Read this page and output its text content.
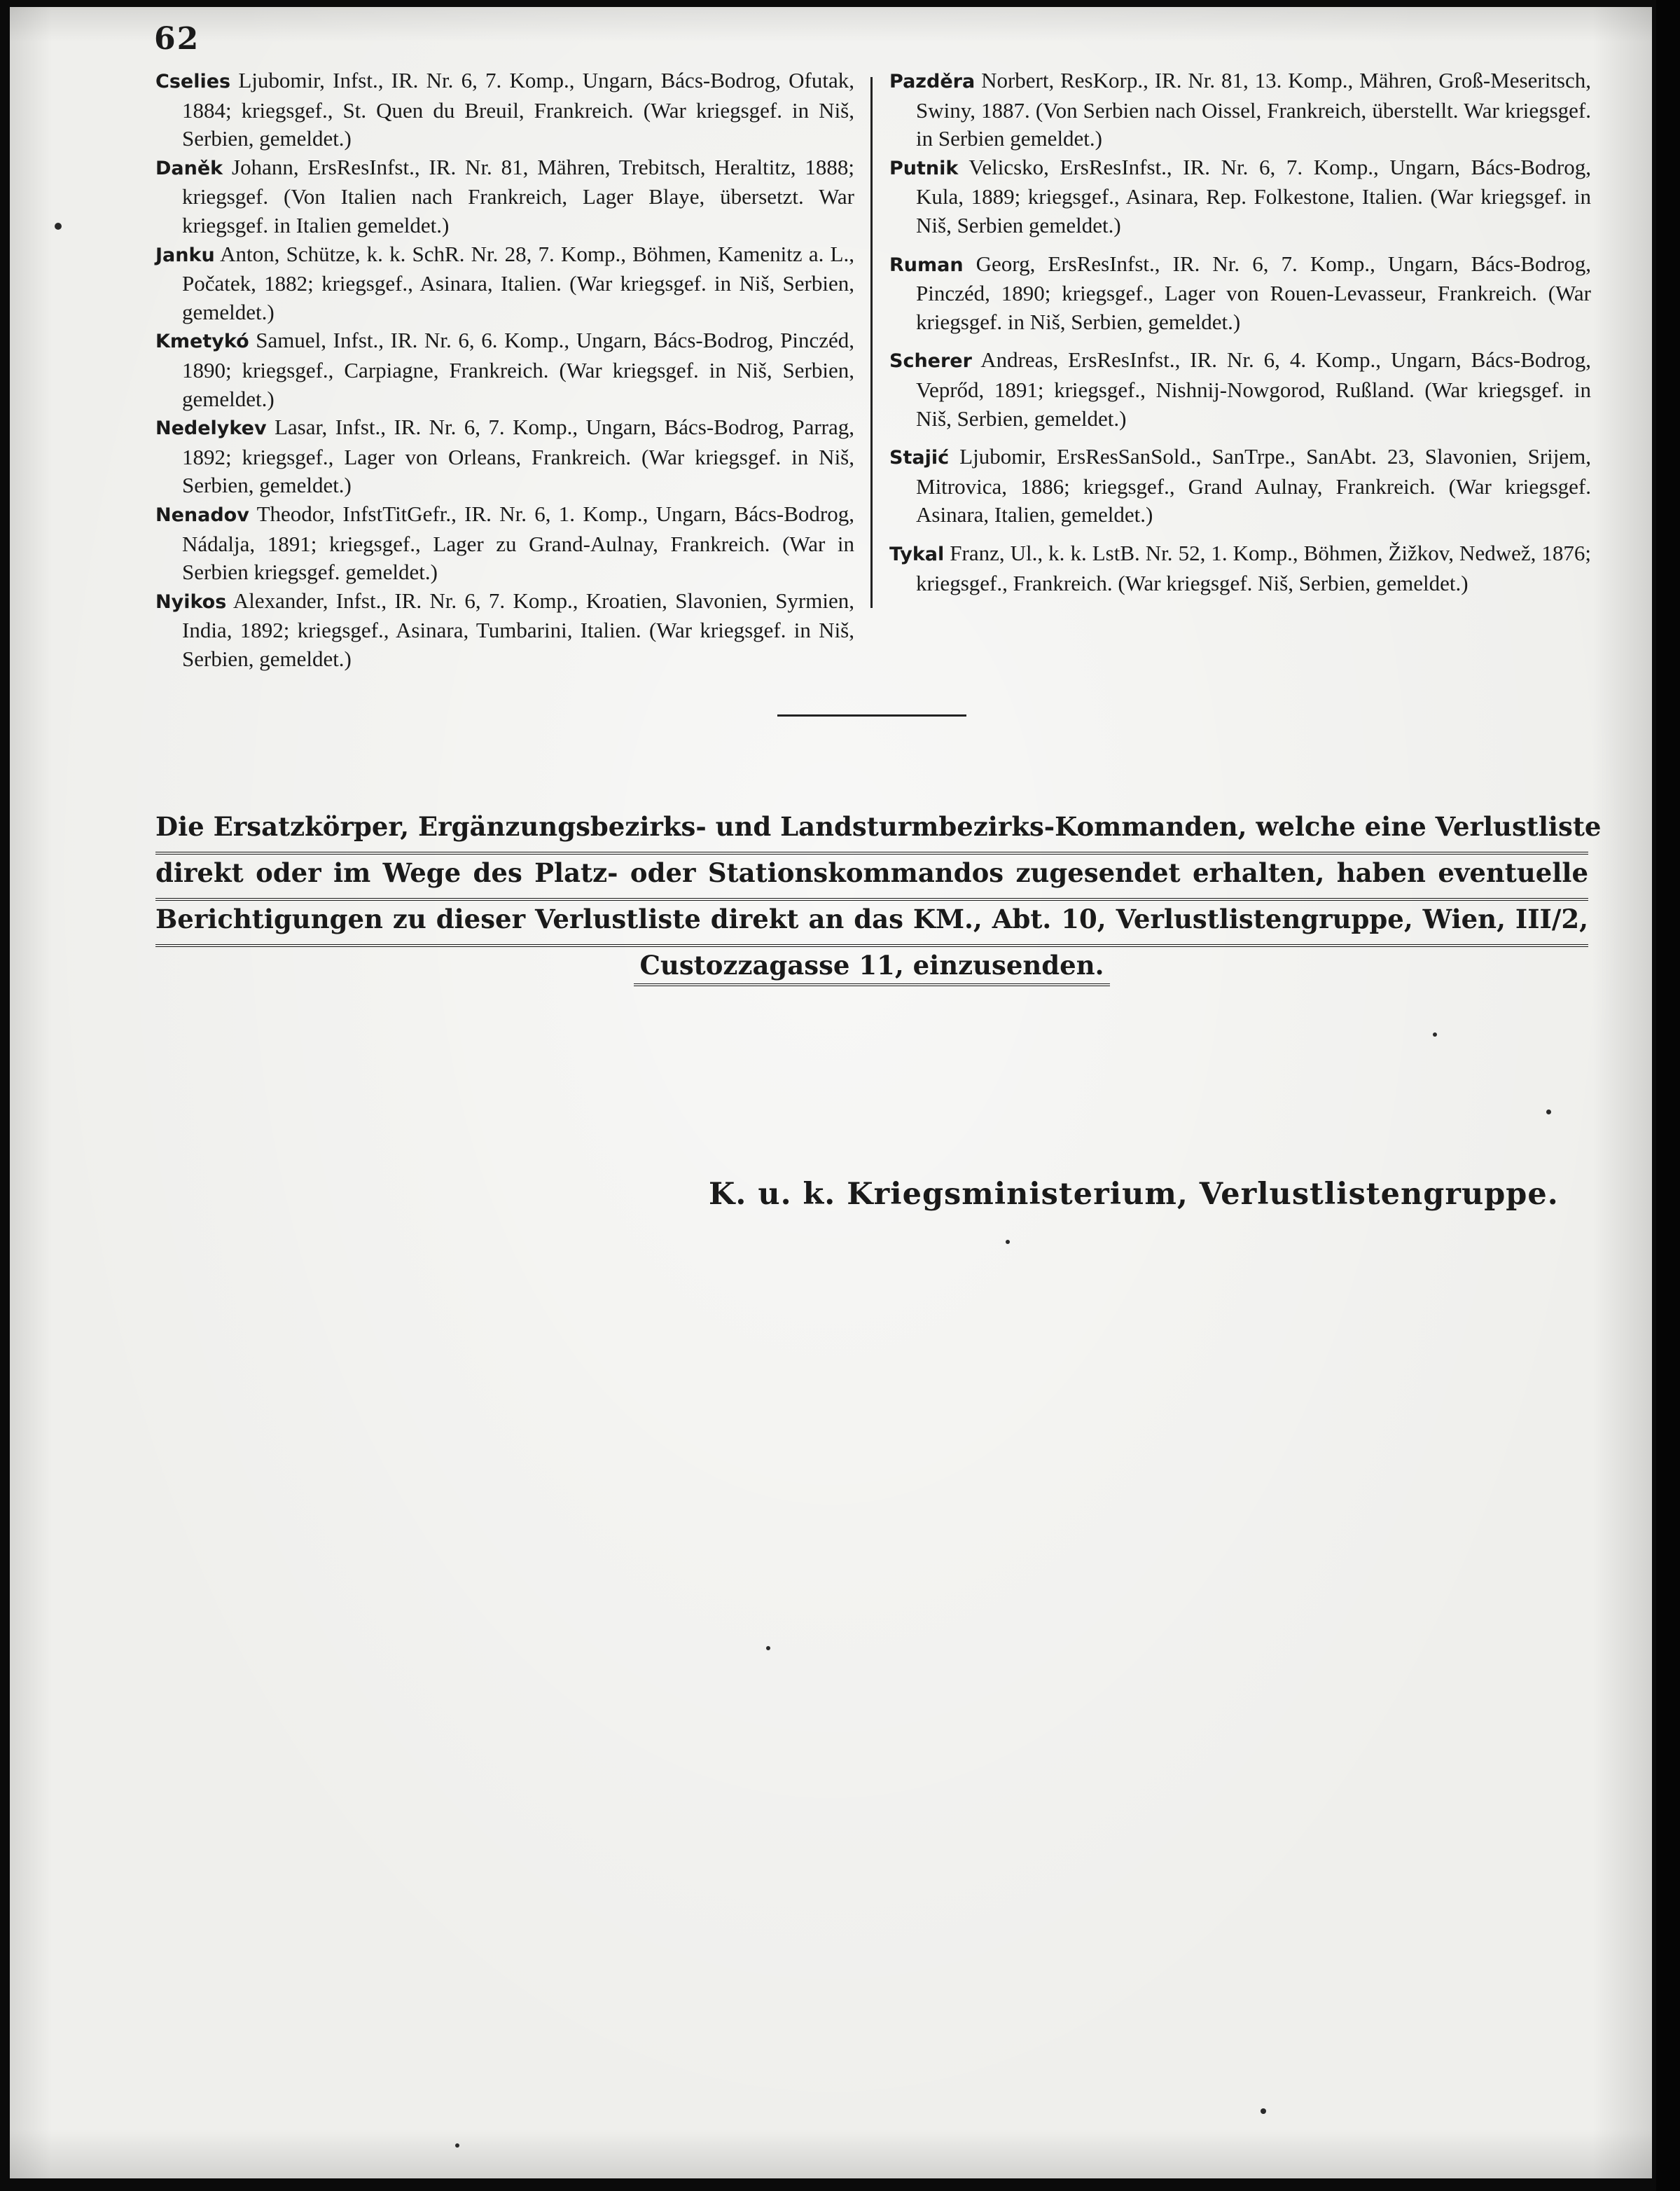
62

Cselies Ljubomir, Infst., IR. Nr. 6, 7. Komp., Ungarn, Bács-Bodrog, Ofutak, 1884; kriegsgef., St. Quen du Breuil, Frankreich. (War kriegsgef. in Niš, Serbien, gemeldet.)

Daněk Johann, ErsResInfst., IR. Nr. 81, Mähren, Trebitsch, Heraltitz, 1888; kriegsgef. (Von Italien nach Frankreich, Lager Blaye, übersetzt. War kriegsgef. in Italien gemeldet.)

Janku Anton, Schütze, k. k. SchR. Nr. 28, 7. Komp., Böhmen, Kamenitz a. L., Počatek, 1882; kriegsgef., Asinara, Italien. (War kriegsgef. in Niš, Serbien, gemeldet.)

Kmetykó Samuel, Infst., IR. Nr. 6, 6. Komp., Ungarn, Bács-Bodrog, Pinczéd, 1890; kriegsgef., Carpiagne, Frankreich. (War kriegsgef. in Niš, Serbien, gemeldet.)

Nedelykev Lasar, Infst., IR. Nr. 6, 7. Komp., Ungarn, Bács-Bodrog, Parrag, 1892; kriegsgef., Lager von Orleans, Frankreich. (War kriegsgef. in Niš, Serbien, gemeldet.)

Nenadov Theodor, InfstTitGefr., IR. Nr. 6, 1. Komp., Ungarn, Bács-Bodrog, Nádalja, 1891; kriegsgef., Lager zu Grand-Aulnay, Frankreich. (War in Serbien kriegsgef. gemeldet.)

Nyikos Alexander, Infst., IR. Nr. 6, 7. Komp., Kroatien, Slavonien, Syrmien, India, 1892; kriegsgef., Asinara, Tumbarini, Italien. (War kriegsgef. in Niš, Serbien, gemeldet.)

Pazděra Norbert, ResKorp., IR. Nr. 81, 13. Komp., Mähren, Groß-Meseritsch, Swiny, 1887. (Von Serbien nach Oissel, Frankreich, überstellt. War kriegsgef. in Serbien gemeldet.)

Putnik Velicsko, ErsResInfst., IR. Nr. 6, 7. Komp., Ungarn, Bács-Bodrog, Kula, 1889; kriegsgef., Asinara, Rep. Folkestone, Italien. (War kriegsgef. in Niš, Serbien gemeldet.)

Ruman Georg, ErsResInfst., IR. Nr. 6, 7. Komp., Ungarn, Bács-Bodrog, Pinczéd, 1890; kriegsgef., Lager von Rouen-Levasseur, Frankreich. (War kriegsgef. in Niš, Serbien, gemeldet.)

Scherer Andreas, ErsResInfst., IR. Nr. 6, 4. Komp., Ungarn, Bács-Bodrog, Veprőd, 1891; kriegsgef., Nishnij-Nowgorod, Rußland. (War kriegsgef. in Niš, Serbien, gemeldet.)

Stajić Ljubomir, ErsResSanSold., SanTrpe., SanAbt. 23, Slavonien, Srijem, Mitrovica, 1886; kriegsgef., Grand Aulnay, Frankreich. (War kriegsgef. Asinara, Italien, gemeldet.)

Tykal Franz, Ul., k. k. LstB. Nr. 52, 1. Komp., Böhmen, Žižkov, Nedwež, 1876; kriegsgef., Frankreich. (War kriegsgef. Niš, Serbien, gemeldet.)

Die Ersatzkörper, Ergänzungsbezirks- und Landsturmbezirks-Kommanden, welche eine Verlustliste
direkt oder im Wege des Platz- oder Stationskommandos zugesendet erhalten, haben eventuelle
Berichtigungen zu dieser Verlustliste direkt an das KM., Abt. 10, Verlustlistengruppe, Wien, III/2,
Custozzagasse 11, einzusenden.
K. u. k. Kriegsministerium, Verlustlistengruppe.
